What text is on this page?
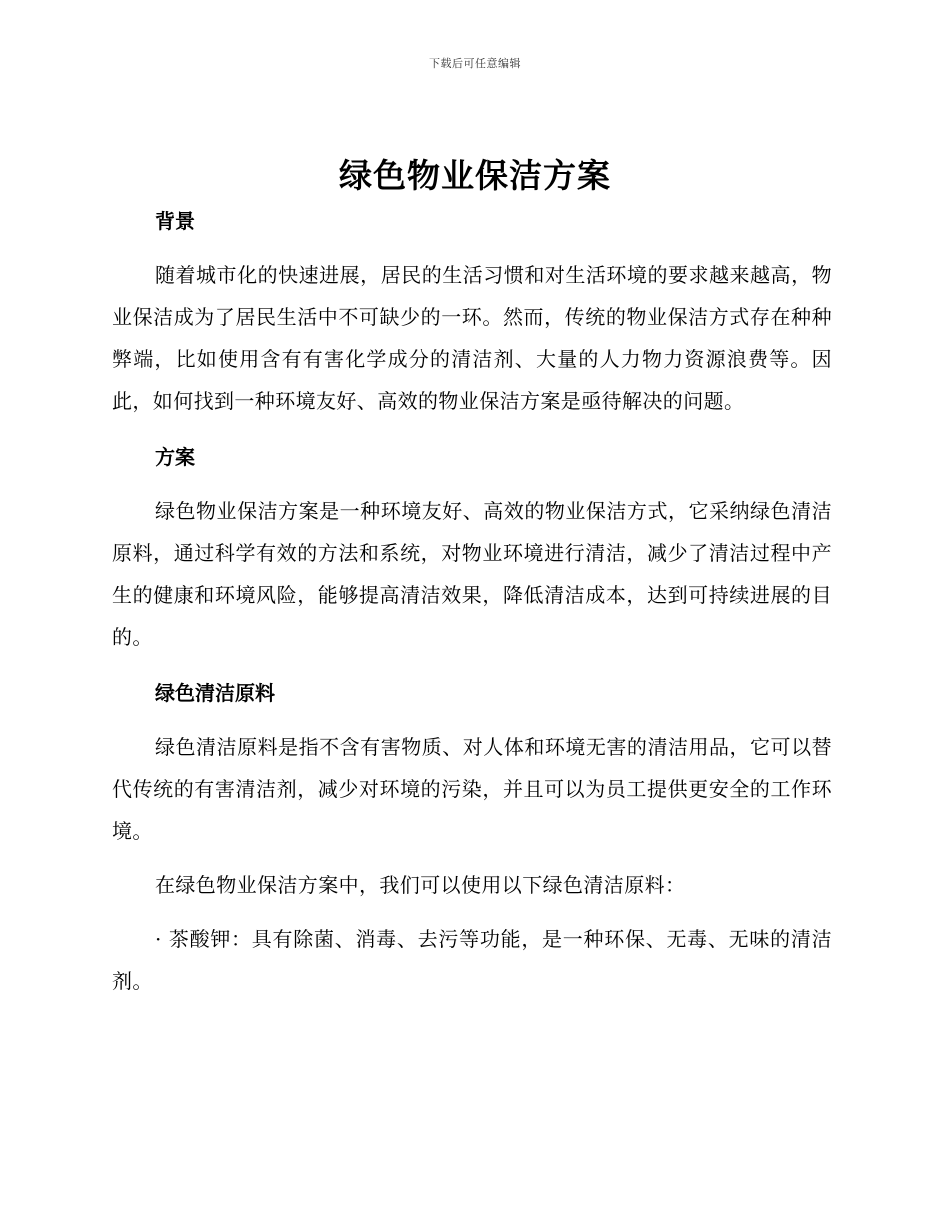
下载后可任意编辑
绿色物业保洁方案
背景

随着城市化的快速进展，居民的生活习惯和对生活环境的要求越来越高，物业保洁成为了居民生活中不可缺少的一环。然而，传统的物业保洁方式存在种种弊端，比如使用含有有害化学成分的清洁剂、大量的人力物力资源浪费等。因此，如何找到一种环境友好、高效的物业保洁方案是亟待解决的问题。

方案

绿色物业保洁方案是一种环境友好、高效的物业保洁方式，它采纳绿色清洁原料，通过科学有效的方法和系统，对物业环境进行清洁，减少了清洁过程中产生的健康和环境风险，能够提高清洁效果，降低清洁成本，达到可持续进展的目的。

绿色清洁原料

绿色清洁原料是指不含有害物质、对人体和环境无害的清洁用品，它可以替代传统的有害清洁剂，减少对环境的污染，并且可以为员工提供更安全的工作环境。

在绿色物业保洁方案中，我们可以使用以下绿色清洁原料：

· 茶酸钾：具有除菌、消毒、去污等功能，是一种环保、无毒、无味的清洁剂。
